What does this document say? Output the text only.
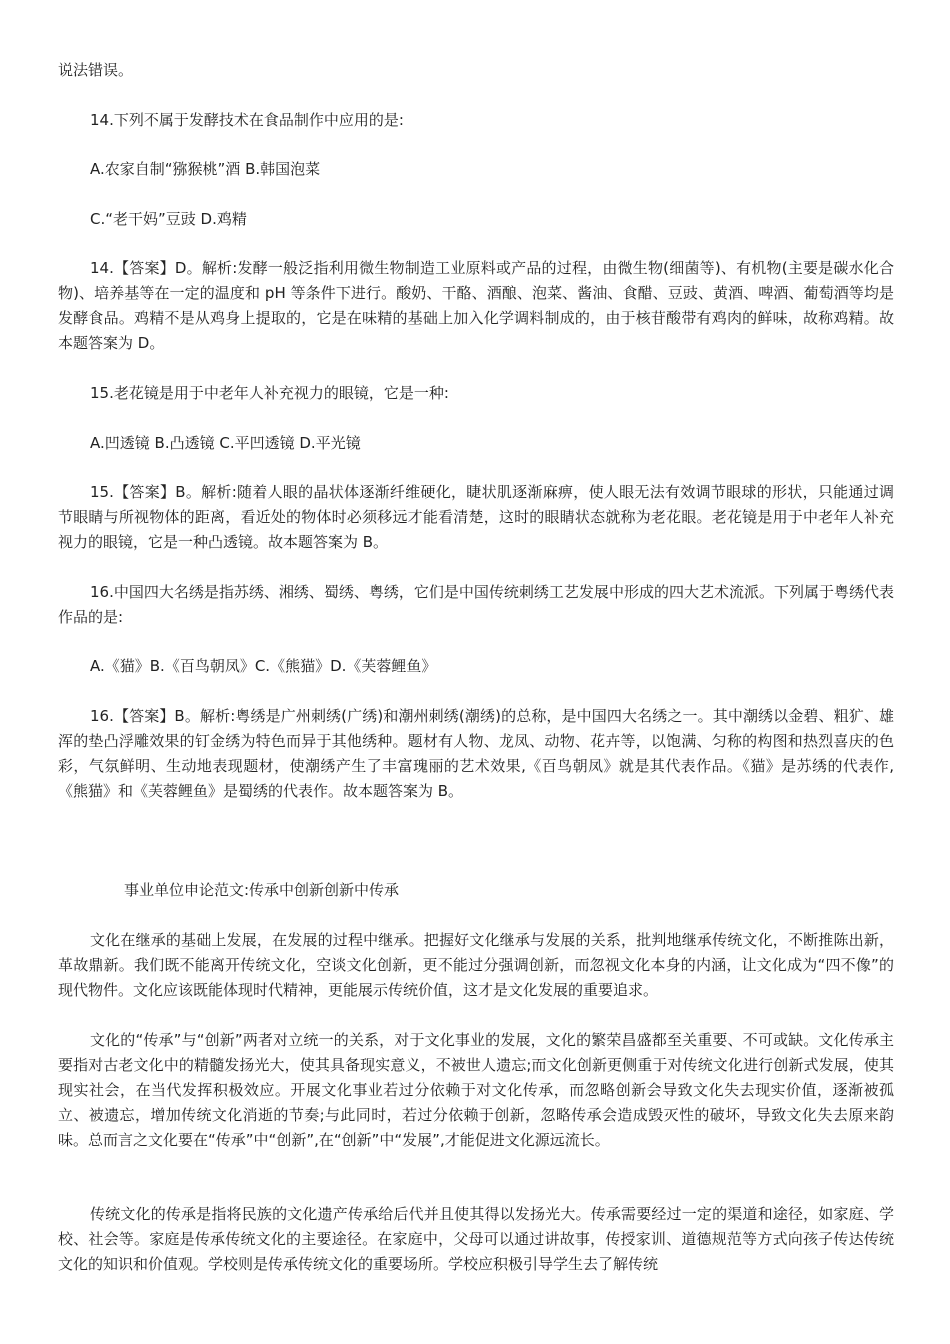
说法错误。

14.下列不属于发酵技术在食品制作中应用的是:

A.农家自制“猕猴桃”酒 B.韩国泡菜

C.“老干妈”豆豉 D.鸡精

14.【答案】D。解析:发酵一般泛指利用微生物制造工业原料或产品的过程，由微生物(细菌等)、有机物(主要是碳水化合物)、培养基等在一定的温度和 pH 等条件下进行。酸奶、干酪、酒酿、泡菜、酱油、食醋、豆豉、黄酒、啤酒、葡萄酒等均是发酵食品。鸡精不是从鸡身上提取的，它是在味精的基础上加入化学调料制成的，由于核苷酸带有鸡肉的鲜味，故称鸡精。故本题答案为 D。

15.老花镜是用于中老年人补充视力的眼镜，它是一种:

A.凹透镜 B.凸透镜 C.平凹透镜 D.平光镜

15.【答案】B。解析:随着人眼的晶状体逐渐纤维硬化，睫状肌逐渐麻痹，使人眼无法有效调节眼球的形状，只能通过调节眼睛与所视物体的距离，看近处的物体时必须移远才能看清楚，这时的眼睛状态就称为老花眼。老花镜是用于中老年人补充视力的眼镜，它是一种凸透镜。故本题答案为 B。

16.中国四大名绣是指苏绣、湘绣、蜀绣、粤绣，它们是中国传统刺绣工艺发展中形成的四大艺术流派。下列属于粤绣代表作品的是:

A.《猫》B.《百鸟朝凤》C.《熊猫》D.《芙蓉鲤鱼》

16.【答案】B。解析:粤绣是广州刺绣(广绣)和潮州刺绣(潮绣)的总称，是中国四大名绣之一。其中潮绣以金碧、粗犷、雄浑的垫凸浮雕效果的钉金绣为特色而异于其他绣种。题材有人物、龙凤、动物、花卉等，以饱满、匀称的构图和热烈喜庆的色彩，气氛鲜明、生动地表现题材，使潮绣产生了丰富瑰丽的艺术效果,《百鸟朝凤》就是其代表作品。《猫》是苏绣的代表作,《熊猫》和《芙蓉鲤鱼》是蜀绣的代表作。故本题答案为 B。

事业单位申论范文:传承中创新创新中传承

文化在继承的基础上发展，在发展的过程中继承。把握好文化继承与发展的关系，批判地继承传统文化，不断推陈出新，革故鼎新。我们既不能离开传统文化，空谈文化创新，更不能过分强调创新，而忽视文化本身的内涵，让文化成为“四不像”的现代物件。文化应该既能体现时代精神，更能展示传统价值，这才是文化发展的重要追求。

文化的“传承”与“创新”两者对立统一的关系，对于文化事业的发展，文化的繁荣昌盛都至关重要、不可或缺。文化传承主要指对古老文化中的精髓发扬光大，使其具备现实意义，不被世人遗忘;而文化创新更侧重于对传统文化进行创新式发展，使其现实社会，在当代发挥积极效应。开展文化事业若过分依赖于对文化传承，而忽略创新会导致文化失去现实价值，逐渐被孤立、被遗忘，增加传统文化消逝的节奏;与此同时，若过分依赖于创新，忽略传承会造成毁灭性的破坏，导致文化失去原来韵味。总而言之文化要在“传承”中“创新”,在“创新”中“发展”,才能促进文化源远流长。

传统文化的传承是指将民族的文化遗产传承给后代并且使其得以发扬光大。传承需要经过一定的渠道和途径，如家庭、学校、社会等。家庭是传承传统文化的主要途径。在家庭中，父母可以通过讲故事，传授家训、道德规范等方式向孩子传达传统文化的知识和价值观。学校则是传承传统文化的重要场所。学校应积极引导学生去了解传统
